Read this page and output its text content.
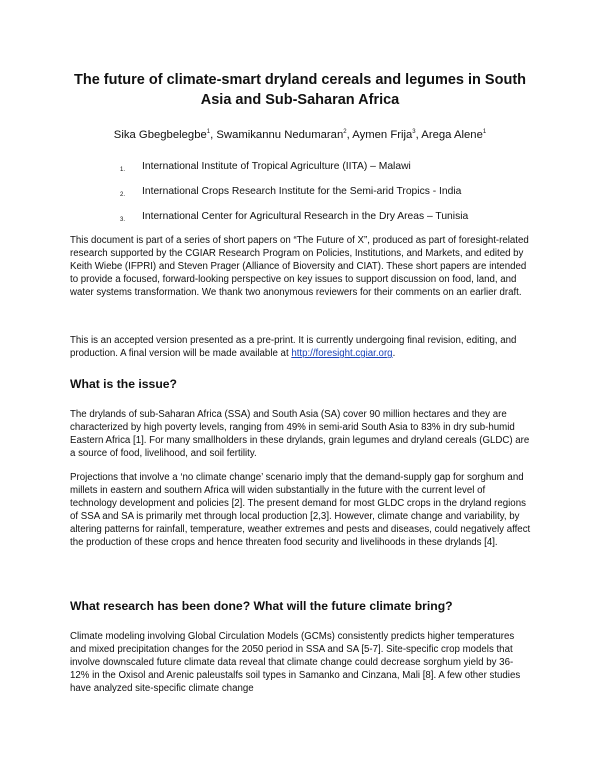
The future of climate-smart dryland cereals and legumes in South Asia and Sub-Saharan Africa

Sika Gbegbelegbe$^1$, Swamikannu Nedumaran$^2$, Aymen Frija$^3$, Arega Alene$^1$

1. International Institute of Tropical Agriculture (IITA) – Malawi
2. International Crops Research Institute for the Semi-arid Tropics - India
3. International Center for Agricultural Research in the Dry Areas – Tunisia

This document is part of a series of short papers on “The Future of X”, produced as part of foresight-related research supported by the CGIAR Research Program on Policies, Institutions, and Markets, and edited by Keith Wiebe (IFPRI) and Steven Prager (Alliance of Bioversity and CIAT). These short papers are intended to provide a focused, forward-looking perspective on key issues to support discussion on food, land, and water systems transformation. We thank two anonymous reviewers for their comments on an earlier draft.

This is an accepted version presented as a pre-print. It is currently undergoing final revision, editing, and production. A final version will be made available at http://foresight.cgiar.org.

What is the issue?

The drylands of sub-Saharan Africa (SSA) and South Asia (SA) cover 90 million hectares and they are characterized by high poverty levels, ranging from 49% in semi-arid South Asia to 83% in dry sub-humid Eastern Africa [1]. For many smallholders in these drylands, grain legumes and dryland cereals (GLDC) are a source of food, livelihood, and soil fertility.

Projections that involve a ‘no climate change’ scenario imply that the demand-supply gap for sorghum and millets in eastern and southern Africa will widen substantially in the future with the current level of technology development and policies [2]. The present demand for most GLDC crops in the dryland regions of SSA and SA is primarily met through local production [2,3]. However, climate change and variability, by altering patterns for rainfall, temperature, weather extremes and pests and diseases, could negatively affect the production of these crops and hence threaten food security and livelihoods in these drylands [4].

What research has been done? What will the future climate bring?

Climate modeling involving Global Circulation Models (GCMs) consistently predicts higher temperatures and mixed precipitation changes for the 2050 period in SSA and SA [5-7]. Site-specific crop models that involve downscaled future climate data reveal that climate change could decrease sorghum yield by 36-12% in the Oxisol and Arenic paleustalfs soil types in Samanko and Cinzana, Mali [8]. A few other studies have analyzed site-specific climate change
